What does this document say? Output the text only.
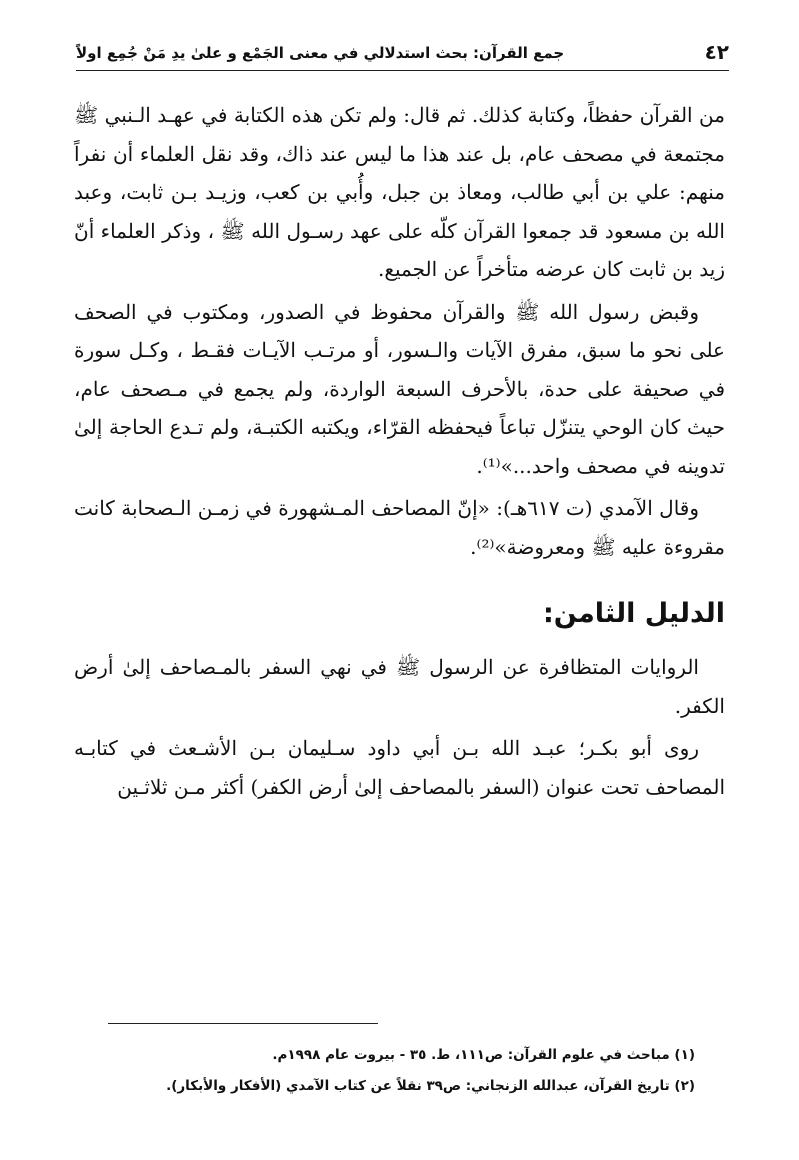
٤٢
جمع القرآن: بحث استدلالي في معنى الجَمْع و علىٰ يدِ مَنْ جُمِع اولاً

من القرآن حفظاً، وكتابة كذلك. ثم قال: ولم تكن هذه الكتابة في عهـد الـنبي ﷺ مجتمعة في مصحف عام، بل عند هذا ما ليس عند ذاك، وقد نقل العلماء أن نفراً منهم: علي بن أبي طالب، ومعاذ بن جبل، وأُبي بن كعب، وزيـد بـن ثابت، وعبد الله بن مسعود قد جمعوا القرآن كلّه على عهد رسـول الله ﷺ ، وذكر العلماء أنّ زيد بن ثابت كان عرضه متأخراً عن الجميع.

وقبض رسول الله ﷺ والقرآن محفوظ في الصدور، ومكتوب في الصحف على نحو ما سبق، مفرق الآيات والـسور، أو مرتـب الآيـات فقـط ، وكـل سورة في صحيفة على حدة، بالأحرف السبعة الواردة، ولم يجمع في مـصحف عام، حيث كان الوحي يتنزّل تباعاً فيحفظه القرّاء، ويكتبه الكتبـة، ولم تـدع الحاجة إلىٰ تدوينه في مصحف واحد...»⁽¹⁾.

وقال الآمدي (ت ٦١٧هـ): «إنّ المصاحف المـشهورة في زمـن الـصحابة كانت مقروءة عليه ﷺ ومعروضة»⁽²⁾.

الدليل الثامن:

الروايات المتظافرة عن الرسول ﷺ في نهي السفر بالمـصاحف إلىٰ أرض الكفر.

روى أبو بكـر؛ عبـد الله بـن أبي داود سـليمان بـن الأشـعث في كتابـه المصاحف تحت عنوان (السفر بالمصاحف إلىٰ أرض الكفر) أكثر مـن ثلاثـين

(١) مباحث في علوم القرآن: ص١١١، ط. ٣٥ - بيروت عام ١٩٩٨م.
(٢) تاريخ القرآن، عبدالله الزنجاني: ص٣٩ نقلاً عن كتاب الآمدي (الأفكار والأبكار).
